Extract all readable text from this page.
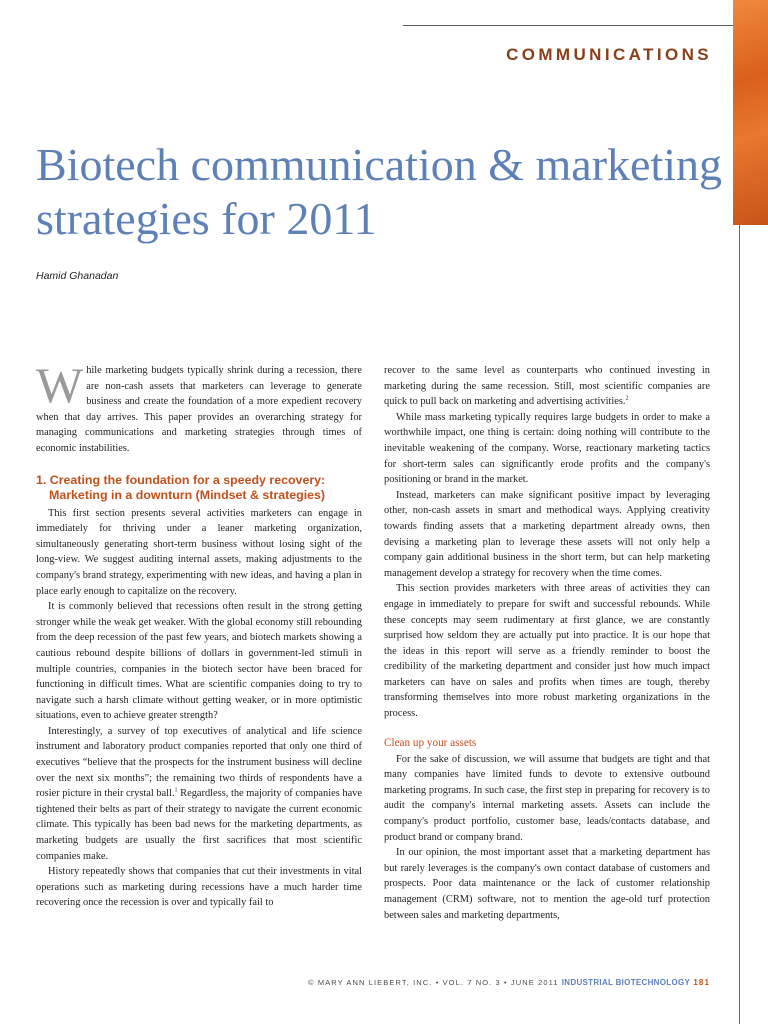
COMMUNICATIONS
Biotech communication & marketing strategies for 2011
Hamid Ghanadan

While marketing budgets typically shrink during a recession, there are non-cash assets that marketers can leverage to generate business and create the foundation of a more expedient recovery when that day arrives. This paper provides an overarching strategy for managing communications and marketing strategies through times of economic instabilities.

1. Creating the foundation for a speedy recovery: Marketing in a downturn (Mindset & strategies)

This first section presents several activities marketers can engage in immediately for thriving under a leaner marketing organization, simultaneously generating short-term business without losing sight of the long-view. We suggest auditing internal assets, making adjustments to the company's brand strategy, experimenting with new ideas, and having a plan in place early enough to capitalize on the recovery.

It is commonly believed that recessions often result in the strong getting stronger while the weak get weaker. With the global economy still rebounding from the deep recession of the past few years, and biotech markets showing a cautious rebound despite billions of dollars in government-led stimuli in multiple countries, companies in the biotech sector have been braced for functioning in difficult times. What are scientific companies doing to try to navigate such a harsh climate without getting weaker, or in more optimistic situations, even to achieve greater strength?

Interestingly, a survey of top executives of analytical and life science instrument and laboratory product companies reported that only one third of executives “believe that the prospects for the instrument business will decline over the next six months”; the remaining two thirds of respondents have a rosier picture in their crystal ball.$^1$ Regardless, the majority of companies have tightened their belts as part of their strategy to navigate the current economic climate. This typically has been bad news for the marketing departments, as marketing budgets are usually the first sacrifices that most scientific companies make.

History repeatedly shows that companies that cut their investments in vital operations such as marketing during recessions have a much harder time recovering once the recession is over and typically fail to

recover to the same level as counterparts who continued investing in marketing during the same recession. Still, most scientific companies are quick to pull back on marketing and advertising activities.$^2$

While mass marketing typically requires large budgets in order to make a worthwhile impact, one thing is certain: doing nothing will contribute to the inevitable weakening of the company. Worse, reactionary marketing tactics for short-term sales can significantly erode profits and the company's positioning or brand in the market.

Instead, marketers can make significant positive impact by leveraging other, non-cash assets in smart and methodical ways. Applying creativity towards finding assets that a marketing department already owns, then devising a marketing plan to leverage these assets will not only help a company gain additional business in the short term, but can help marketing management develop a strategy for recovery when the time comes.

This section provides marketers with three areas of activities they can engage in immediately to prepare for swift and successful rebounds. While these concepts may seem rudimentary at first glance, we are constantly surprised how seldom they are actually put into practice. It is our hope that the ideas in this report will serve as a friendly reminder to boost the credibility of the marketing department and consider just how much impact marketers can have on sales and profits when times are tough, thereby transforming themselves into more robust marketing organizations in the process.

Clean up your assets

For the sake of discussion, we will assume that budgets are tight and that many companies have limited funds to devote to extensive outbound marketing programs. In such case, the first step in preparing for recovery is to audit the company's internal marketing assets. Assets can include the company's product portfolio, customer base, leads/contacts database, and product brand or company brand.

In our opinion, the most important asset that a marketing department has but rarely leverages is the company's own contact database of customers and prospects. Poor data maintenance or the lack of customer relationship management (CRM) software, not to mention the age-old turf protection between sales and marketing departments,

© MARY ANN LIEBERT, INC. • VOL. 7 NO. 3 • JUNE 2011 INDUSTRIAL BIOTECHNOLOGY 181
